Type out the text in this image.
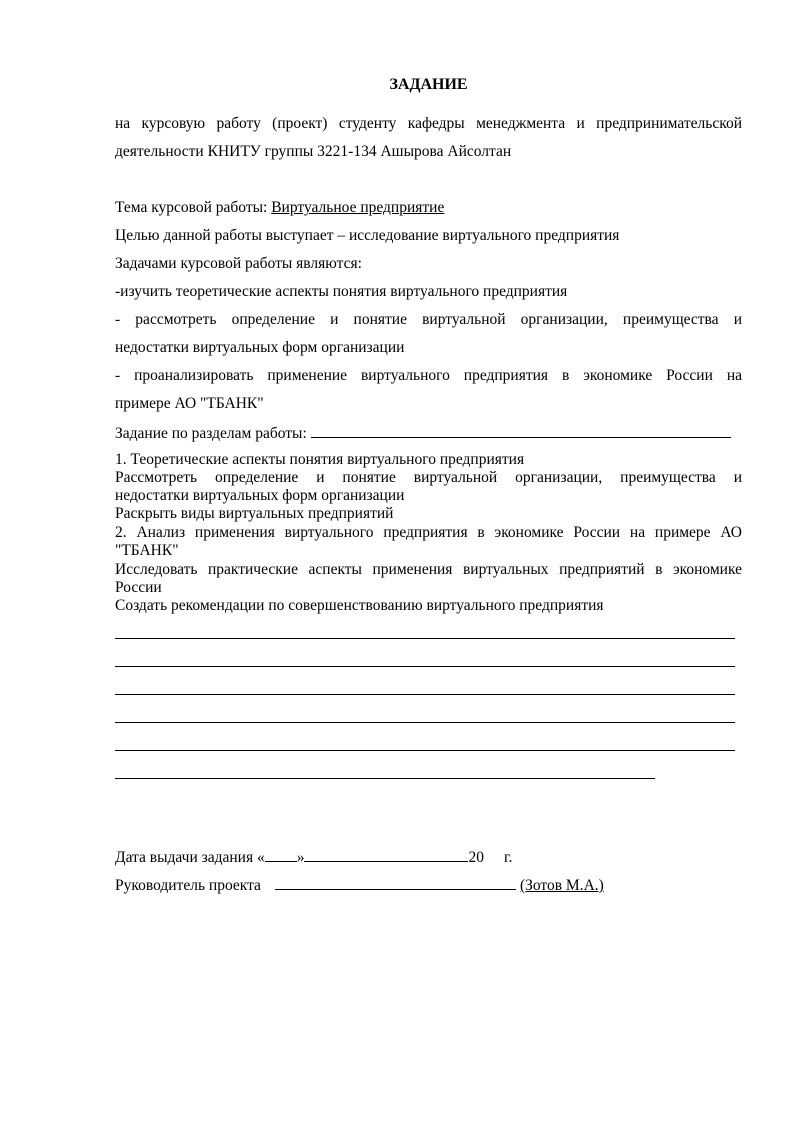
ЗАДАНИЕ
на курсовую работу (проект) студенту кафедры менеджмента и предпринимательской
деятельности КНИТУ группы 3221-134 Ашырова Айсолтан
Тема курсовой работы: Виртуальное предприятие
Целью данной работы выступает – исследование виртуального предприятия
Задачами курсовой работы являются:
-изучить теоретические аспекты понятия виртуального предприятия
- рассмотреть определение и понятие виртуальной организации, преимущества и
недостатки виртуальных форм организации
- проанализировать применение виртуального предприятия в экономике России на
примере АО "ТБАНК"
Задание по разделам работы:
1. Теоретические аспекты понятия виртуального предприятия
Рассмотреть определение и понятие виртуальной организации, преимущества и
недостатки виртуальных форм организации
Раскрыть виды виртуальных предприятий
2. Анализ применения виртуального предприятия в экономике России на примере АО
"ТБАНК"
Исследовать практические аспекты применения виртуальных предприятий в экономике
России
Создать рекомендации по совершенствованию виртуального предприятия
Дата выдачи задания « »	20 г.
Руководитель проекта	(Зотов М.А.)
